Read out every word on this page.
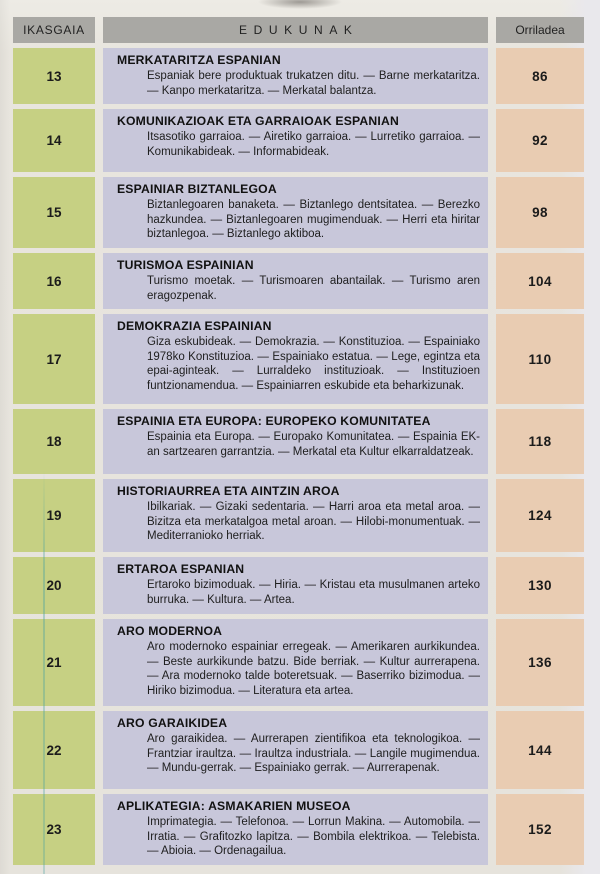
IKASGAIA	EDUKUNAK	Orriladea
13
MERKATARITZA ESPANIAN
Espaniak bere produktuak trukatzen ditu. — Barne merkataritza. — Kanpo merkataritza. — Merkatal balantza.
86
14
KOMUNIKAZIOAK ETA GARRAIOAK ESPANIAN
Itsasotiko garraioa. — Airetiko garraioa. — Lurretiko garraioa. — Komunikabideak. — Informabideak.
92
15
ESPAINIAR BIZTANLEGOA
Biztanlegoaren banaketa. — Biztanlego dentsitatea. — Berezko hazkundea. — Biztanlegoaren mugimenduak. — Herri eta hiritar biztanlegoa. — Biztanlego aktiboa.
98
16
TURISMOA ESPAINIAN
Turismo moetak. — Turismoaren abantailak. — Turismo aren eragozpenak.
104
17
DEMOKRAZIA ESPAINIAN
Giza eskubideak. — Demokrazia. — Konstituzioa. — Espainiako 1978ko Konstituzioa. — Espainiako estatua. — Lege, egintza eta epai-aginteak. — Lurraldeko instituzioak. — Instituzioen funtzionamendua. — Espainiarren eskubide eta beharkizunak.
110
18
ESPAINIA ETA EUROPA: EUROPEKO KOMUNITATEA
Espainia eta Europa. — Europako Komunitatea. — Espainia EK-an sartzearen garrantzia. — Merkatal eta Kultur elkarraldatzeak.
118
19
HISTORIAURREA ETA AINTZIN AROA
Ibilkariak. — Gizaki sedentaria. — Harri aroa eta metal aroa. — Bizitza eta merkatalgoa metal aroan. — Hilobi-monumentuak. — Mediterranioko herriak.
124
20
ERTAROA ESPANIAN
Ertaroko bizimoduak. — Hiria. — Kristau eta musulmanen arteko burruka. — Kultura. — Artea.
130
21
ARO MODERNOA
Aro modernoko espainiar erregeak. — Amerikaren aurkikundea. — Beste aurkikunde batzu. Bide berriak. — Kultur aurrerapena. — Ara modernoko talde boteretsuak. — Baserriko bizimodua. — Hiriko bizimodua. — Literatura eta artea.
136
22
ARO GARAIKIDEA
Aro garaikidea. — Aurrerapen zientifikoa eta teknologikoa. — Frantziar iraultza. — Iraultza industriala. — Langile mugimendua. — Mundu-gerrak. — Espainiako gerrak. — Aurrerapenak.
144
23
APLIKATEGIA: ASMAKARIEN MUSEOA
Imprimategia. — Telefonoa. — Lorrun Makina. — Automobila. — Irratia. — Grafitozko lapitza. — Bombila elektrikoa. — Telebista. — Abioia. — Ordenagailua.
152
